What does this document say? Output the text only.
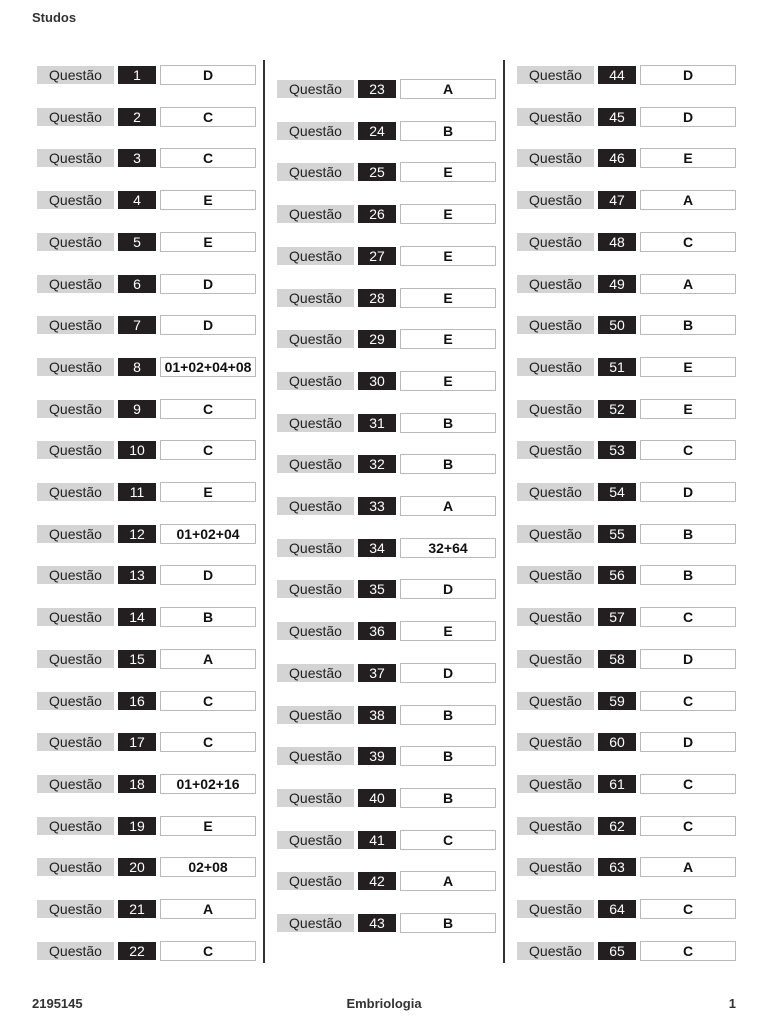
Studos
Questão	1	D
Questão	2	C
Questão	3	C
Questão	4	E
Questão	5	E
Questão	6	D
Questão	7	D
Questão	8	01+02+04+08
Questão	9	C
Questão	10	C
Questão	11	E
Questão	12	01+02+04
Questão	13	D
Questão	14	B
Questão	15	A
Questão	16	C
Questão	17	C
Questão	18	01+02+16
Questão	19	E
Questão	20	02+08
Questão	21	A
Questão	22	C
Questão	23	A
Questão	24	B
Questão	25	E
Questão	26	E
Questão	27	E
Questão	28	E
Questão	29	E
Questão	30	E
Questão	31	B
Questão	32	B
Questão	33	A
Questão	34	32+64
Questão	35	D
Questão	36	E
Questão	37	D
Questão	38	B
Questão	39	B
Questão	40	B
Questão	41	C
Questão	42	A
Questão	43	B
Questão	44	D
Questão	45	D
Questão	46	E
Questão	47	A
Questão	48	C
Questão	49	A
Questão	50	B
Questão	51	E
Questão	52	E
Questão	53	C
Questão	54	D
Questão	55	B
Questão	56	B
Questão	57	C
Questão	58	D
Questão	59	C
Questão	60	D
Questão	61	C
Questão	62	C
Questão	63	A
Questão	64	C
Questão	65	C
2195145	Embriologia	1
